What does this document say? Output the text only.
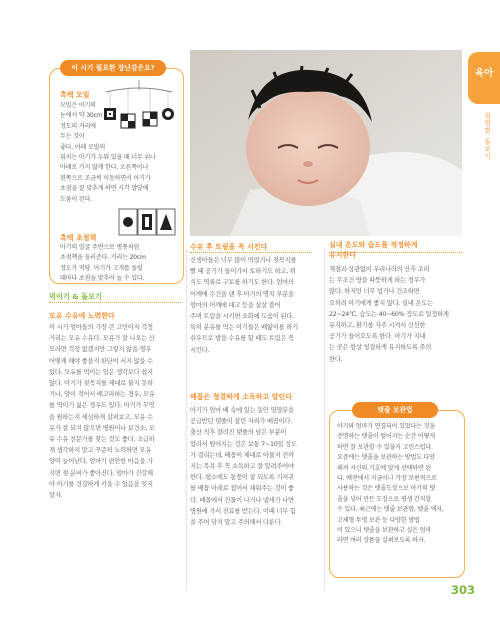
육아
월령별 돌보기
이 시기 필요한 장난감은요?
흑백 모빌
모빌은 아기의
눈에서 약 30cm
정도의 거리에
두는 것이
좋다. 아래 모빌의
위치는 아기가 누워 있을 때 너무 위나
아래로 가지 않게 한다. 오른쪽이나
왼쪽으로 조금씩 이동하면서 아기가
초점을 잘 맞추게 하면 시각 발달에
도움이 된다.
흑백 초점책
아기의 얼굴 주변으로 병풍처럼
초점책을 둘러준다. 거리는 20cm
정도가 적당. 아기가 고개를 돌릴
때마다 초점을 맞추어 놀 수 있다.
먹이기 & 돌보기
모유 수유에 노력한다
이 시기 엄마들의 가장 큰 고민이자 걱정
거리는 모유 수유다. 모유가 잘 나오는 산
모라면 걱정 없겠지만 그렇지 않을 경우
어떻게 해야 좋을지 판단이 서지 않을 수
있다. 모유를 먹이는 일은 생각보다 쉽지
않다. 아기가 젖꼭지를 제대로 물지 못하
거나, 양이 적어서 배고파하는 경우, 모유
를 먹이기 싫은 경우도 있다. 아기가 무엇
을 원하는지 세심하게 살펴보고, 모유 수
유가 잘 되지 않으면 병원이나 보건소, 모
유 수유 전문가를 찾는 것도 좋다. 조급하
게 생각하지 말고 꾸준히 노력하면 모유
양이 늘어난다. 엄마가 편안한 마음을 가
지면 젖 분비가 좋아진다. 엄마가 건강해
야 아기를 건강하게 키울 수 있음을 잊지
말자.
수유 후 트림을 꼭 시킨다
신생아들은 너무 많이 먹었거나 젖꼭지를
빨 때 공기가 들어가서 토하기도 하고, 위
식도 역류로 구토를 하기도 한다. 엄마의
어깨에 수건을 댄 후 아기의 명치 부분을
엄마의 어깨에 대고 등을 살살 쓸어
주며 트림을 시키면 소화에 도움이 된다.
특히 분유를 먹는 아기들은 배앓이를 하기
쉬우므로 발을 수유를 할 때도 트림은 꼭
시킨다.
배꼽은 청결하게 소독하고 말린다
아기가 엄마 배 속에 있는 동안 영양분을
공급받던 탯줄이 잘린 자리가 배꼽이다.
출산 직후 잘려진 탯줄의 남은 부분이
말라서 떨어지는 것은 보통 7~10일 정도
가 걸리는데, 배꼽이 제대로 아물지 전까
지는 목욕 후 꼭 소독하고 잘 말려주어야
한다. 평소에도 통풍이 잘 되도록 기저귀
를 배꼽 아래로 접어서 채워주는 것이 좋
다. 배꼽에서 진물이 나거나 냄새가 나면
병원에 가서 진료를 받는다. 이때 너무 힘
을 주어 닦지 말고 주의해서 다룬다.
실내 온도와 습도를 적정하게
유지한다
계절과 상관없이 우리나라의 산후 조리
는 무조건 방을 따뜻하게 하는 경우가
많다. 하지만 너무 덥거나 건조하면
오히려 아기에게 좋지 않다. 실내 온도는
22~24℃, 습도는 40~60% 정도로 일정하게
유지하고, 환기를 자주 시켜서 신선한
공기가 들어오도록 한다. 아기가 지내
는 곳은 항상 청결하게 유지하도록 주의
한다.
탯줄 보관법
아기와 엄마가 연결되어 있었다는 것을
증명하는 탯줄이 떨어지는 순간 어떻게
하면 잘 보관할 수 있을지 고민스럽다.
요즘에는 탯줄을 보관하는 방법도 다양
해져 자신의 기호에 맞게 선택하면 된
다. 예전에서 지금이나 가장 보편적으로
사용하는 것은 탯줄도장으로 아기의 탯
줄을 넣어 만든 도장으로 평생 간직할
수 있다. 최근에는 탯줄 보관함, 탯줄 액자,
고체형 투명 보관 등 다양한 방법
이 있으니 탯줄을 보관하고 싶은 엄마
라면 여러 상품을 살펴보도록 하자.
303
